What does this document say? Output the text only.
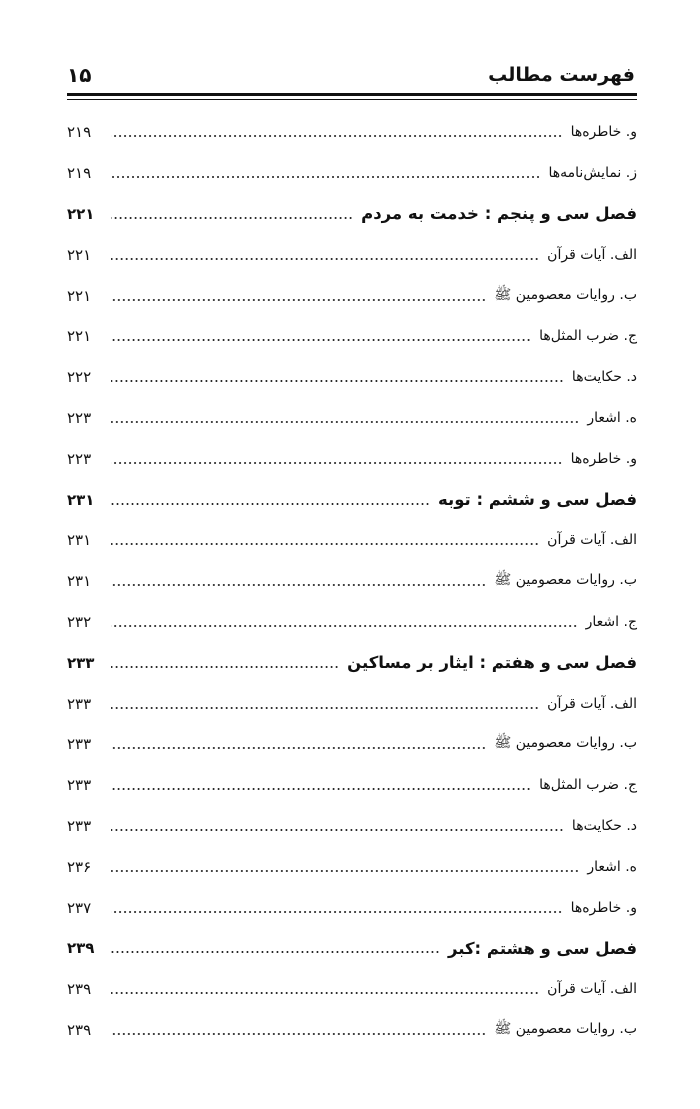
فهرست مطالب
۱۵
و. خاطره‌ها
۲۱۹
ز. نمایش‌نامه‌ها
۲۱۹
فصل سی و پنجم : خدمت به مردم
۲۲۱
الف. آیات قرآن
۲۲۱
ب. روایات معصومین ﷺ
۲۲۱
ج. ضرب المثل‌ها
۲۲۱
د. حکایت‌ها
۲۲۲
ه. اشعار
۲۲۳
و. خاطره‌ها
۲۲۳
فصل سی و ششم : توبه
۲۳۱
الف. آیات قرآن
۲۳۱
ب. روایات معصومین ﷺ
۲۳۱
ج. اشعار
۲۳۲
فصل سی و هفتم : ایثار بر مساکین
۲۳۳
الف. آیات قرآن
۲۳۳
ب. روایات معصومین ﷺ
۲۳۳
ج. ضرب المثل‌ها
۲۳۳
د. حکایت‌ها
۲۳۳
ه. اشعار
۲۳۶
و. خاطره‌ها
۲۳۷
فصل سی و هشتم :کبر
۲۳۹
الف. آیات قرآن
۲۳۹
ب. روایات معصومین ﷺ
۲۳۹
